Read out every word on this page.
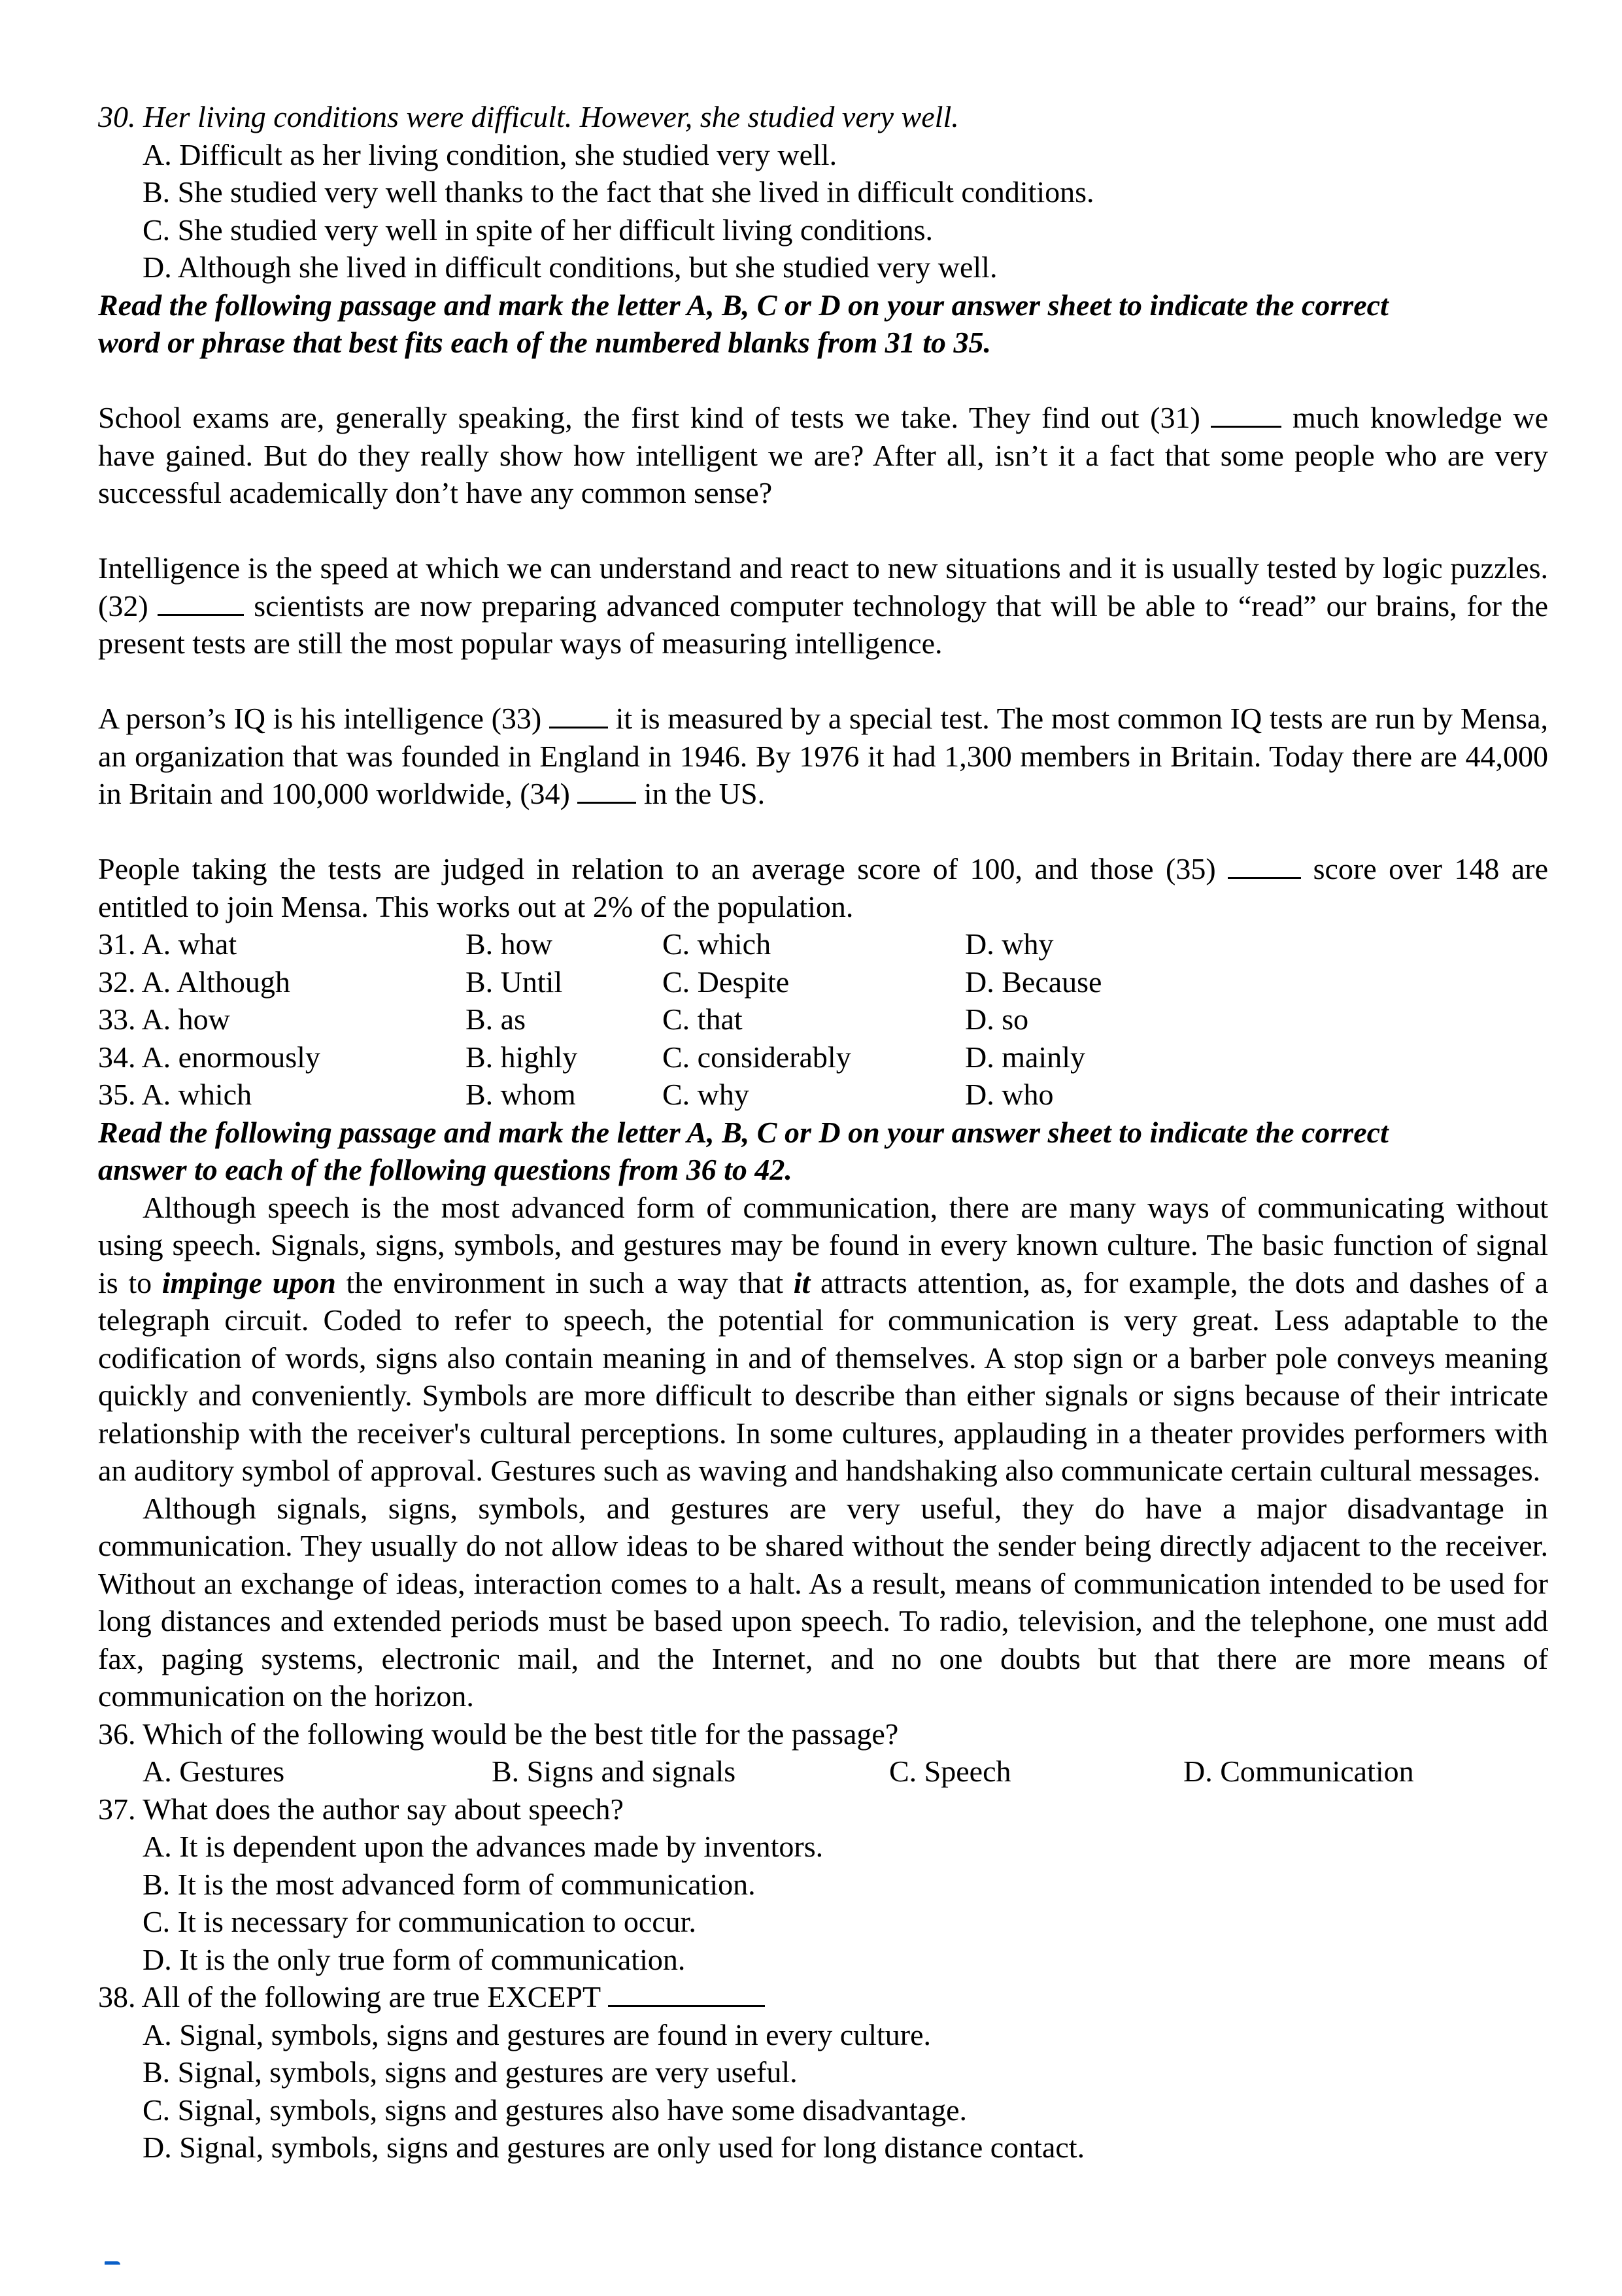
30. Her living conditions were difficult. However, she studied very well.
A. Difficult as her living condition, she studied very well.
B. She studied very well thanks to the fact that she lived in difficult conditions.
C. She studied very well in spite of her difficult living conditions.
D. Although she lived in difficult conditions, but she studied very well.
Read the following passage and mark the letter A, B, C or D on your answer sheet to indicate the correct
word or phrase that best fits each of the numbered blanks from 31 to 35.
School exams are, generally speaking, the first kind of tests we take. They find out (31)  much knowledge we have gained. But do they really show how intelligent we are? After all, isn’t it a fact that some people who are very successful academically don’t have any common sense?
Intelligence is the speed at which we can understand and react to new situations and it is usually tested by logic puzzles. (32)	scientists are now preparing advanced computer technology that will be able to “read” our brains, for the present tests are still the most popular ways of measuring intelligence.
A person’s IQ is his intelligence (33)  it is measured by a special test. The most common IQ tests are run by Mensa, an organization that was founded in England in 1946. By 1976 it had 1,300 members in Britain. Today there are 44,000 in Britain and 100,000 worldwide, (34)  in the US.
People taking the tests are judged in relation to an average score of 100, and those (35)  score over 148 are entitled to join Mensa. This works out at 2% of the population.
31. A. what	B. how	C. which	D. why
32. A. Although	B. Until	C. Despite	D. Because
33. A. how	B. as	C. that	D. so
34. A. enormously	B. highly	C. considerably	D. mainly
35. A. which	B. whom	C. why	D. who
Read the following passage and mark the letter A, B, C or D on your answer sheet to indicate the correct
answer to each of the following questions from 36 to 42.
Although speech is the most advanced form of communication, there are many ways of communicating without using speech. Signals, signs, symbols, and gestures may be found in every known culture. The basic function of signal is to impinge upon the environment in such a way that it attracts attention, as, for example, the dots and dashes of a telegraph circuit. Coded to refer to speech, the potential for communication is very great. Less adaptable to the codification of words, signs also contain meaning in and of themselves. A stop sign or a barber pole conveys meaning quickly and conveniently. Symbols are more difficult to describe than either signals or signs because of their intricate relationship with the receiver's cultural perceptions. In some cultures, applauding in a theater provides performers with an auditory symbol of approval. Gestures such as waving and handshaking also communicate certain cultural messages.
Although signals, signs, symbols, and gestures are very useful, they do have a major disadvantage in communication. They usually do not allow ideas to be shared without the sender being directly adjacent to the receiver. Without an exchange of ideas, interaction comes to a halt. As a result, means of communication intended to be used for long distances and extended periods must be based upon speech. To radio, television, and the telephone, one must add fax, paging systems, electronic mail, and the Internet, and no one doubts but that there are more means of communication on the horizon.
36. Which of the following would be the best title for the passage?
A. Gestures	B. Signs and signals	C. Speech	D. Communication
37. What does the author say about speech?
A. It is dependent upon the advances made by inventors.
B. It is the most advanced form of communication.
C. It is necessary for communication to occur.
D. It is the only true form of communication.
38. All of the following are true EXCEPT
A. Signal, symbols, signs and gestures are found in every culture.
B. Signal, symbols, signs and gestures are very useful.
C. Signal, symbols, signs and gestures also have some disadvantage.
D. Signal, symbols, signs and gestures are only used for long distance contact.
